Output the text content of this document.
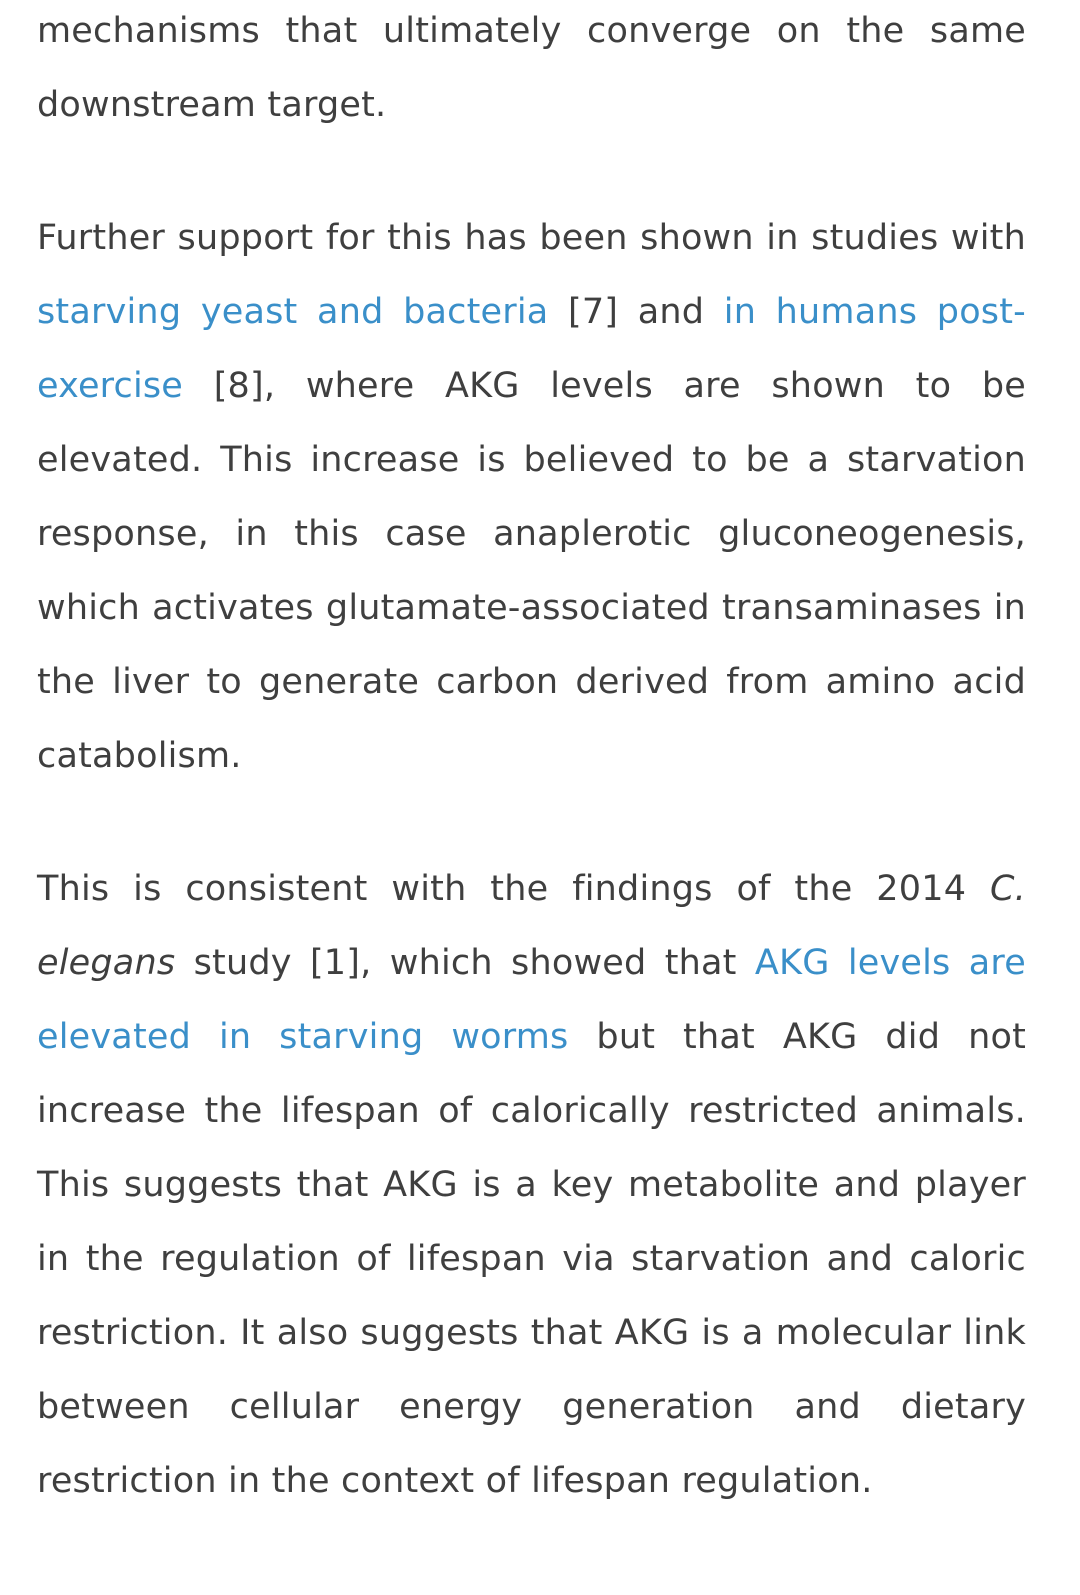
mechanisms that ultimately converge on the same downstream target.

Further support for this has been shown in studies with starving yeast and bacteria [7] and in humans post-exercise [8], where AKG levels are shown to be elevated. This increase is believed to be a starvation response, in this case anaplerotic gluconeogenesis, which activates glutamate-associated transaminases in the liver to generate carbon derived from amino acid catabolism.

This is consistent with the findings of the 2014 C. elegans study [1], which showed that AKG levels are elevated in starving worms but that AKG did not increase the lifespan of calorically restricted animals. This suggests that AKG is a key metabolite and player in the regulation of lifespan via starvation and caloric restriction. It also suggests that AKG is a molecular link between cellular energy generation and dietary restriction in the context of lifespan regulation.
